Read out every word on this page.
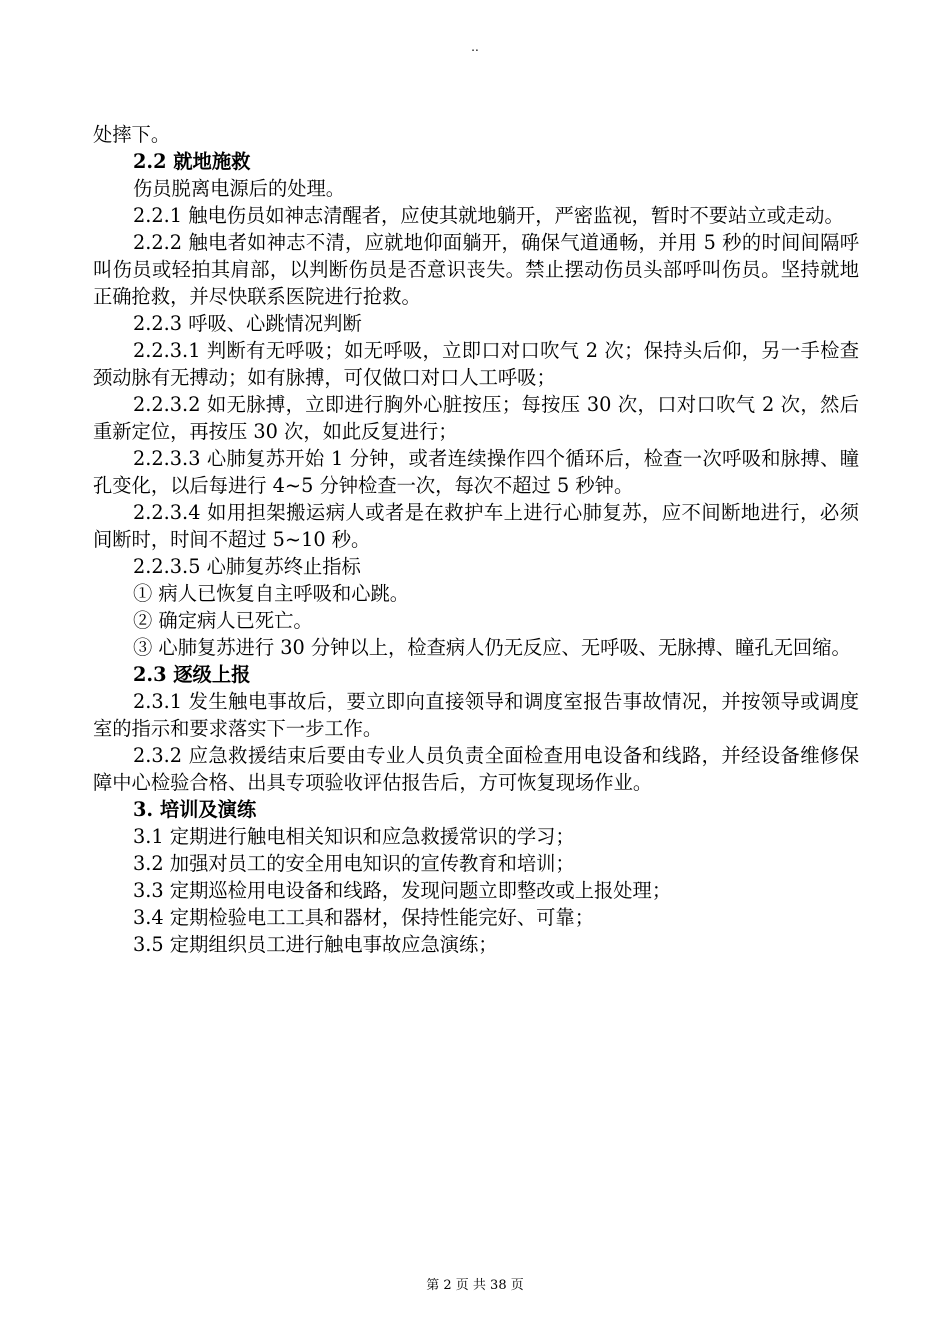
..

处摔下。

2.2 就地施救

伤员脱离电源后的处理。

2.2.1 触电伤员如神志清醒者，应使其就地躺开，严密监视，暂时不要站立或走动。

2.2.2 触电者如神志不清，应就地仰面躺开，确保气道通畅，并用 5 秒的时间间隔呼叫伤员或轻拍其肩部，以判断伤员是否意识丧失。禁止摆动伤员头部呼叫伤员。坚持就地正确抢救，并尽快联系医院进行抢救。

2.2.3 呼吸、心跳情况判断

2.2.3.1 判断有无呼吸；如无呼吸，立即口对口吹气 2 次；保持头后仰，另一手检查颈动脉有无搏动；如有脉搏，可仅做口对口人工呼吸；

2.2.3.2 如无脉搏，立即进行胸外心脏按压；每按压 30 次，口对口吹气 2 次，然后重新定位，再按压 30 次，如此反复进行；

2.2.3.3 心肺复苏开始 1 分钟，或者连续操作四个循环后，检查一次呼吸和脉搏、瞳孔变化，以后每进行 4~5 分钟检查一次，每次不超过 5 秒钟。

2.2.3.4 如用担架搬运病人或者是在救护车上进行心肺复苏，应不间断地进行，必须间断时，时间不超过 5~10 秒。

2.2.3.5 心肺复苏终止指标

① 病人已恢复自主呼吸和心跳。

② 确定病人已死亡。

③ 心肺复苏进行 30 分钟以上，检查病人仍无反应、无呼吸、无脉搏、瞳孔无回缩。

2.3 逐级上报

2.3.1 发生触电事故后，要立即向直接领导和调度室报告事故情况，并按领导或调度室的指示和要求落实下一步工作。

2.3.2 应急救援结束后要由专业人员负责全面检查用电设备和线路，并经设备维修保障中心检验合格、出具专项验收评估报告后，方可恢复现场作业。

3. 培训及演练

3.1 定期进行触电相关知识和应急救援常识的学习；

3.2 加强对员工的安全用电知识的宣传教育和培训；

3.3 定期巡检用电设备和线路，发现问题立即整改或上报处理；

3.4 定期检验电工工具和器材，保持性能完好、可靠；

3.5 定期组织员工进行触电事故应急演练；

第 2 页 共 38 页
